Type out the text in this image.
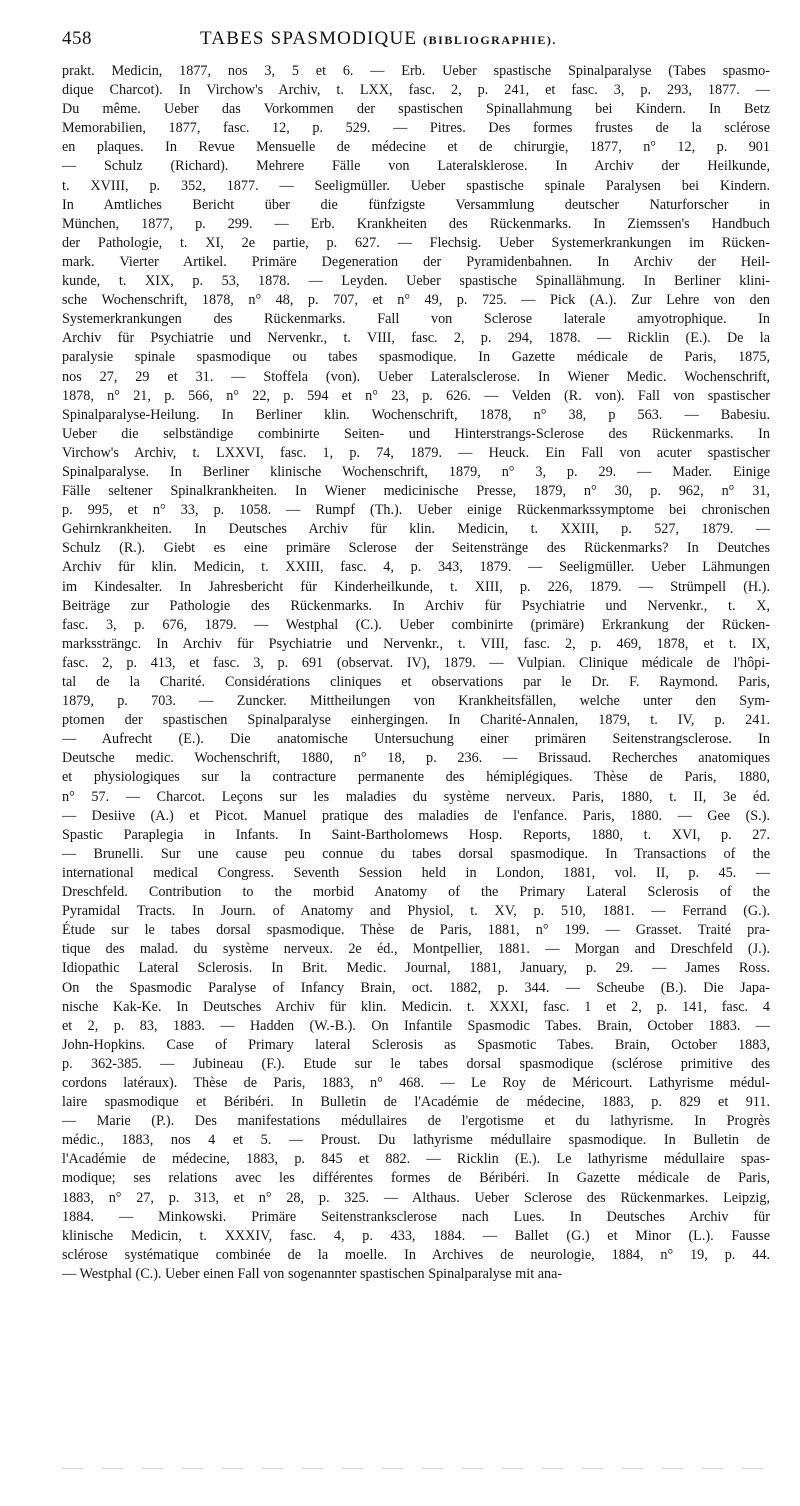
458	TABES SPASMODIQUE (BIBLIOGRAPHIE).
prakt. Medicin, 1877, nos 3, 5 et 6. — Erb. Ueber spastische Spinalparalyse (Tabes spasmo-
dique Charcot). In Virchow's Archiv, t. LXX, fasc. 2, p. 241, et fasc. 3, p. 293, 1877. —
Du même. Ueber das Vorkommen der spastischen Spinallahmung bei Kindern. In Betz
Memorabilien, 1877, fasc. 12, p. 529. — Pitres. Des formes frustes de la sclérose
en plaques. In Revue Mensuelle de médecine et de chirurgie, 1877, n° 12, p. 901
— Schulz (Richard). Mehrere Fälle von Lateralsklerose. In Archiv der Heilkunde,
t. XVIII, p. 352, 1877. — Seeligmüller. Ueber spastische spinale Paralysen bei Kindern.
In Amtliches Bericht über die fünfzigste Versammlung deutscher Naturforscher in
München, 1877, p. 299. — Erb. Krankheiten des Rückenmarks. In Ziemssen's Handbuch
der Pathologie, t. XI, 2e partie, p. 627. — Flechsig. Ueber Systemerkrankungen im Rücken-
mark. Vierter Artikel. Primäre Degeneration der Pyramidenbahnen. In Archiv der Heil-
kunde, t. XIX, p. 53, 1878. — Leyden. Ueber spastische Spinallähmung. In Berliner klini-
sche Wochenschrift, 1878, n° 48, p. 707, et n° 49, p. 725. — Pick (A.). Zur Lehre von den
Systemerkrankungen des Rückenmarks. Fall von Sclerose laterale amyotrophique. In
Archiv für Psychiatrie und Nervenkr., t. VIII, fasc. 2, p. 294, 1878. — Ricklin (E.). De la
paralysie spinale spasmodique ou tabes spasmodique. In Gazette médicale de Paris, 1875,
nos 27, 29 et 31. — Stoffela (von). Ueber Lateralsclerose. In Wiener Medic. Wochenschrift,
1878, n° 21, p. 566, n° 22, p. 594 et n° 23, p. 626. — Velden (R. von). Fall von spastischer
Spinalparalyse-Heilung. In Berliner klin. Wochenschrift, 1878, n° 38, p 563. — Babesiu.
Ueber die selbständige combinirte Seiten- und Hinterstrangs-Sclerose des Rückenmarks. In
Virchow's Archiv, t. LXXVI, fasc. 1, p. 74, 1879. — Heuck. Ein Fall von acuter spastischer
Spinalparalyse. In Berliner klinische Wochenschrift, 1879, n° 3, p. 29. — Mader. Einige
Fälle seltener Spinalkrankheiten. In Wiener medicinische Presse, 1879, n° 30, p. 962, n° 31,
p. 995, et n° 33, p. 1058. — Rumpf (Th.). Ueber einige Rückenmarkssymptome bei chronischen
Gehirnkrankheiten. In Deutsches Archiv für klin. Medicin, t. XXIII, p. 527, 1879. —
Schulz (R.). Giebt es eine primäre Sclerose der Seitenstränge des Rückenmarks? In Deutches
Archiv für klin. Medicin, t. XXIII, fasc. 4, p. 343, 1879. — Seeligmüller. Ueber Lähmungen
im Kindesalter. In Jahresbericht für Kinderheilkunde, t. XIII, p. 226, 1879. — Strümpell (H.).
Beiträge zur Pathologie des Rückenmarks. In Archiv für Psychiatrie und Nervenkr., t. X,
fasc. 3, p. 676, 1879. — Westphal (C.). Ueber combinirte (primäre) Erkrankung der Rücken-
markssträngc. In Archiv für Psychiatrie und Nervenkr., t. VIII, fasc. 2, p. 469, 1878, et t. IX,
fasc. 2, p. 413, et fasc. 3, p. 691 (observat. IV), 1879. — Vulpian. Clinique médicale de l'hôpi-
tal de la Charité. Considérations cliniques et observations par le Dr. F. Raymond. Paris,
1879, p. 703. — Zuncker. Mittheilungen von Krankheitsfällen, welche unter den Sym-
ptomen der spastischen Spinalparalyse einhergingen. In Charité-Annalen, 1879, t. IV, p. 241.
— Aufrecht (E.). Die anatomische Untersuchung einer primären Seitenstrangsclerose. In
Deutsche medic. Wochenschrift, 1880, n° 18, p. 236. — Brissaud. Recherches anatomiques
et physiologiques sur la contracture permanente des hémiplégiques. Thèse de Paris, 1880,
n° 57. — Charcot. Leçons sur les maladies du système nerveux. Paris, 1880, t. II, 3e éd.
— Desiive (A.) et Picot. Manuel pratique des maladies de l'enfance. Paris, 1880. — Gee (S.).
Spastic Paraplegia in Infants. In Saint-Bartholomews Hosp. Reports, 1880, t. XVI, p. 27.
— Brunelli. Sur une cause peu connue du tabes dorsal spasmodique. In Transactions of the
international medical Congress. Seventh Session held in London, 1881, vol. II, p. 45. —
Dreschfeld. Contribution to the morbid Anatomy of the Primary Lateral Sclerosis of the
Pyramidal Tracts. In Journ. of Anatomy and Physiol, t. XV, p. 510, 1881. — Ferrand (G.).
Étude sur le tabes dorsal spasmodique. Thèse de Paris, 1881, n° 199. — Grasset. Traité pra-
tique des malad. du système nerveux. 2e éd., Montpellier, 1881. — Morgan and Dreschfeld (J.).
Idiopathic Lateral Sclerosis. In Brit. Medic. Journal, 1881, January, p. 29. — James Ross.
On the Spasmodic Paralyse of Infancy Brain, oct. 1882, p. 344. — Scheube (B.). Die Japa-
nische Kak-Ke. In Deutsches Archiv für klin. Medicin. t. XXXI, fasc. 1 et 2, p. 141, fasc. 4
et 2, p. 83, 1883. — Hadden (W.-B.). On Infantile Spasmodic Tabes. Brain, October 1883. —
John-Hopkins. Case of Primary lateral Sclerosis as Spasmotic Tabes. Brain, October 1883,
p. 362-385. — Jubineau (F.). Etude sur le tabes dorsal spasmodique (sclérose primitive des
cordons latéraux). Thèse de Paris, 1883, n° 468. — Le Roy de Méricourt. Lathyrisme médul-
laire spasmodique et Béribéri. In Bulletin de l'Académie de médecine, 1883, p. 829 et 911.
— Marie (P.). Des manifestations médullaires de l'ergotisme et du lathyrisme. In Progrès
médic., 1883, nos 4 et 5. — Proust. Du lathyrisme médullaire spasmodique. In Bulletin de
l'Académie de médecine, 1883, p. 845 et 882. — Ricklin (E.). Le lathyrisme médullaire spas-
modique; ses relations avec les différentes formes de Béribéri. In Gazette médicale de Paris,
1883, n° 27, p. 313, et n° 28, p. 325. — Althaus. Ueber Sclerose des Rückenmarkes. Leipzig,
1884. — Minkowski. Primäre Seitenstranksclerose nach Lues. In Deutsches Archiv für
klinische Medicin, t. XXXIV, fasc. 4, p. 433, 1884. — Ballet (G.) et Minor (L.). Fausse
sclérose systématique combinée de la moelle. In Archives de neurologie, 1884, n° 19, p. 44.
— Westphal (C.). Ueber einen Fall von sogenannter spastischen Spinalparalyse mit ana-
